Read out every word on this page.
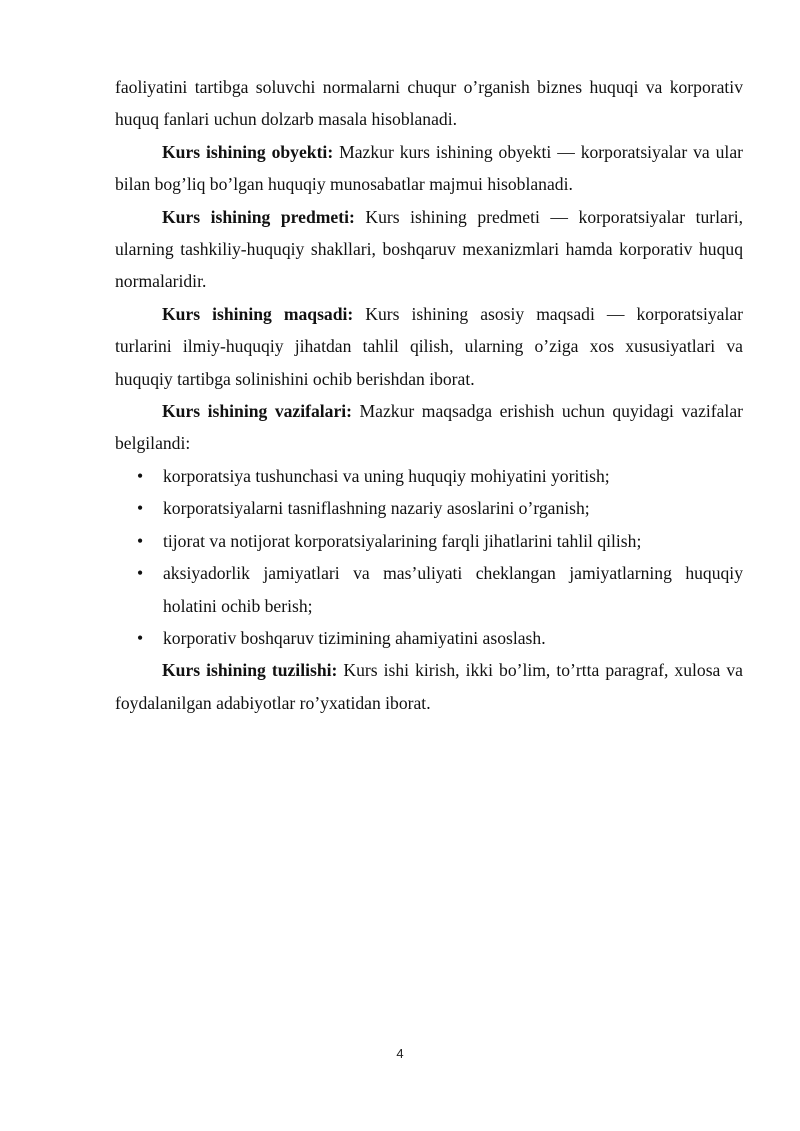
faoliyatini tartibga soluvchi normalarni chuqur o’rganish biznes huquqi va korporativ huquq fanlari uchun dolzarb masala hisoblanadi.

Kurs ishining obyekti: Mazkur kurs ishining obyekti — korporatsiyalar va ular bilan bog’liq bo’lgan huquqiy munosabatlar majmui hisoblanadi.

Kurs ishining predmeti: Kurs ishining predmeti — korporatsiyalar turlari, ularning tashkiliy-huquqiy shakllari, boshqaruv mexanizmlari hamda korporativ huquq normalaridir.

Kurs ishining maqsadi: Kurs ishining asosiy maqsadi — korporatsiyalar turlarini ilmiy-huquqiy jihatdan tahlil qilish, ularning o’ziga xos xususiyatlari va huquqiy tartibga solinishini ochib berishdan iborat.

Kurs ishining vazifalari: Mazkur maqsadga erishish uchun quyidagi vazifalar belgilandi:

• korporatsiya tushunchasi va uning huquqiy mohiyatini yoritish;
• korporatsiyalarni tasniflashning nazariy asoslarini o’rganish;
• tijorat va notijorat korporatsiyalarining farqli jihatlarini tahlil qilish;
• aksiyadorlik jamiyatlari va mas’uliyati cheklangan jamiyatlarning huquqiy holatini ochib berish;
• korporativ boshqaruv tizimining ahamiyatini asoslash.

Kurs ishining tuzilishi: Kurs ishi kirish, ikki bo’lim, to’rtta paragraf, xulosa va foydalanilgan adabiyotlar ro’yxatidan iborat.

4
